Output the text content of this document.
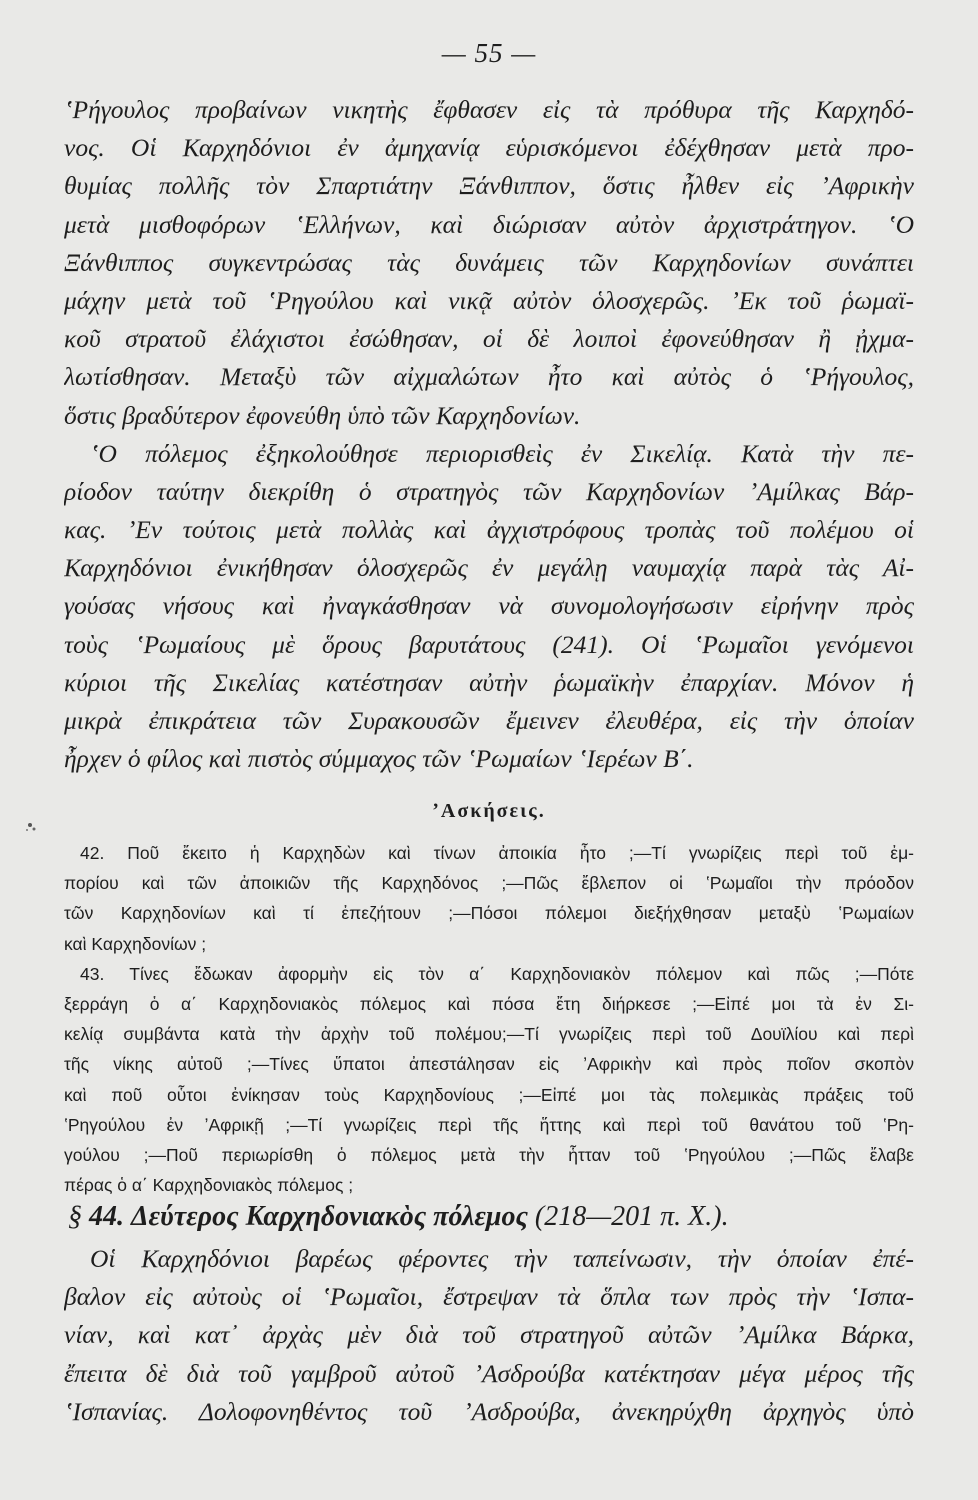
— 55 —
ʽΡήγουλος προβαίνων νικητὴς ἔφθασεν εἰς τὰ πρόθυρα τῆς Καρχηδό-
νος. Οἱ Καρχηδόνιοι ἐν ἀμηχανίᾳ εὑρισκόμενοι ἐδέχθησαν μετὰ προ-
θυμίας πολλῆς τὸν Σπαρτιάτην Ξάνθιππον, ὅστις ἦλθεν εἰς ʼΑφρικὴν
μετὰ μισθοφόρων ʽΕλλήνων, καὶ διώρισαν αὐτὸν ἀρχιστράτηγον. ʽΟ
Ξάνθιππος συγκεντρώσας τὰς δυνάμεις τῶν Καρχηδονίων συνάπτει
μάχην μετὰ τοῦ ʽΡηγούλου καὶ νικᾷ αὐτὸν ὁλοσχερῶς. ʼΕκ τοῦ ῥωμαϊ-
κοῦ στρατοῦ ἐλάχιστοι ἐσώθησαν, οἱ δὲ λοιποὶ ἐφονεύθησαν ἢ ᾐχμα-
λωτίσθησαν. Μεταξὺ τῶν αἰχμαλώτων ἦτο καὶ αὐτὸς ὁ ʽΡήγουλος,
ὅστις βραδύτερον ἐφονεύθη ὑπὸ τῶν Καρχηδονίων.
ʽΟ πόλεμος ἐξηκολούθησε περιορισθεὶς ἐν Σικελίᾳ. Κατὰ τὴν πε-
ρίοδον ταύτην διεκρίθη ὁ στρατηγὸς τῶν Καρχηδονίων ʼΑμίλκας Βάρ-
κας. ʼΕν τούτοις μετὰ πολλὰς καὶ ἀγχιστρόφους τροπὰς τοῦ πολέμου οἱ
Καρχηδόνιοι ἐνικήθησαν ὁλοσχερῶς ἐν μεγάλῃ ναυμαχίᾳ παρὰ τὰς Αἰ-
γούσας νήσους καὶ ἠναγκάσθησαν νὰ συνομολογήσωσιν εἰρήνην πρὸς
τοὺς ʽΡωμαίους μὲ ὅρους βαρυτάτους (241). Οἱ ʽΡωμαῖοι γενόμενοι
κύριοι τῆς Σικελίας κατέστησαν αὐτὴν ῥωμαϊκὴν ἐπαρχίαν. Μόνον ἡ
μικρὰ ἐπικράτεια τῶν Συρακουσῶν ἔμεινεν ἐλευθέρα, εἰς τὴν ὁποίαν
ἦρχεν ὁ φίλος καὶ πιστὸς σύμμαχος τῶν ʽΡωμαίων ʽΙερέων Β΄.
ʼΑσκήσεις.
42. Ποῦ ἔκειτο ἡ Καρχηδὼν καὶ τίνων ἀποικία ἦτο ;—Τί γνωρίζεις περὶ τοῦ ἐμ-
πορίου καὶ τῶν ἀποικιῶν τῆς Καρχηδόνος ;—Πῶς ἔβλεπον οἱ ʽΡωμαῖοι τὴν πρόοδον
τῶν Καρχηδονίων καὶ τί ἐπεζήτουν ;—Πόσοι πόλεμοι διεξήχθησαν μεταξὺ ʽΡωμαίων
καὶ Καρχηδονίων ;
43. Τίνες ἔδωκαν ἀφορμὴν εἰς τὸν α΄ Καρχηδονιακὸν πόλεμον καὶ πῶς ;—Πότε
ξερράγη ὁ α΄ Καρχηδονιακὸς πόλεμος καὶ πόσα ἔτη διήρκεσε ;—Εἰπέ μοι τὰ ἐν Σι-
κελίᾳ συμβάντα κατὰ τὴν ἀρχὴν τοῦ πολέμου;—Τί γνωρίζεις περὶ τοῦ Δουϊλίου καὶ περὶ
τῆς νίκης αὐτοῦ ;—Τίνες ὕπατοι ἀπεστάλησαν εἰς ʼΑφρικὴν καὶ πρὸς ποῖον σκοπὸν
καὶ ποῦ οὗτοι ἐνίκησαν τοὺς Καρχηδονίους ;—Εἰπέ μοι τὰς πολεμικὰς πράξεις τοῦ
ʽΡηγούλου ἐν ʼΑφρικῇ ;—Τί γνωρίζεις περὶ τῆς ἥττης καὶ περὶ τοῦ θανάτου τοῦ ʽΡη-
γούλου ;—Ποῦ περιωρίσθη ὁ πόλεμος μετὰ τὴν ἧτταν τοῦ ʽΡηγούλου ;—Πῶς ἔλαβε
πέρας ὁ α΄ Καρχηδονιακὸς πόλεμος ;
§ 44. Δεύτερος Καρχηδονιακὸς πόλεμος (218—201 π. Χ.).
Οἱ Καρχηδόνιοι βαρέως φέροντες τὴν ταπείνωσιν, τὴν ὁποίαν ἐπέ-
βαλον εἰς αὐτοὺς οἱ ʽΡωμαῖοι, ἔστρεψαν τὰ ὅπλα των πρὸς τὴν ʽΙσπα-
νίαν, καὶ κατ᾿ ἀρχὰς μὲν διὰ τοῦ στρατηγοῦ αὐτῶν ʼΑμίλκα Βάρκα,
ἔπειτα δὲ διὰ τοῦ γαμβροῦ αὐτοῦ ʼΑσδρούβα κατέκτησαν μέγα μέρος τῆς
ʽΙσπανίας. Δολοφονηθέντος τοῦ ʼΑσδρούβα, ἀνεκηρύχθη ἀρχηγὸς ὑπὸ
